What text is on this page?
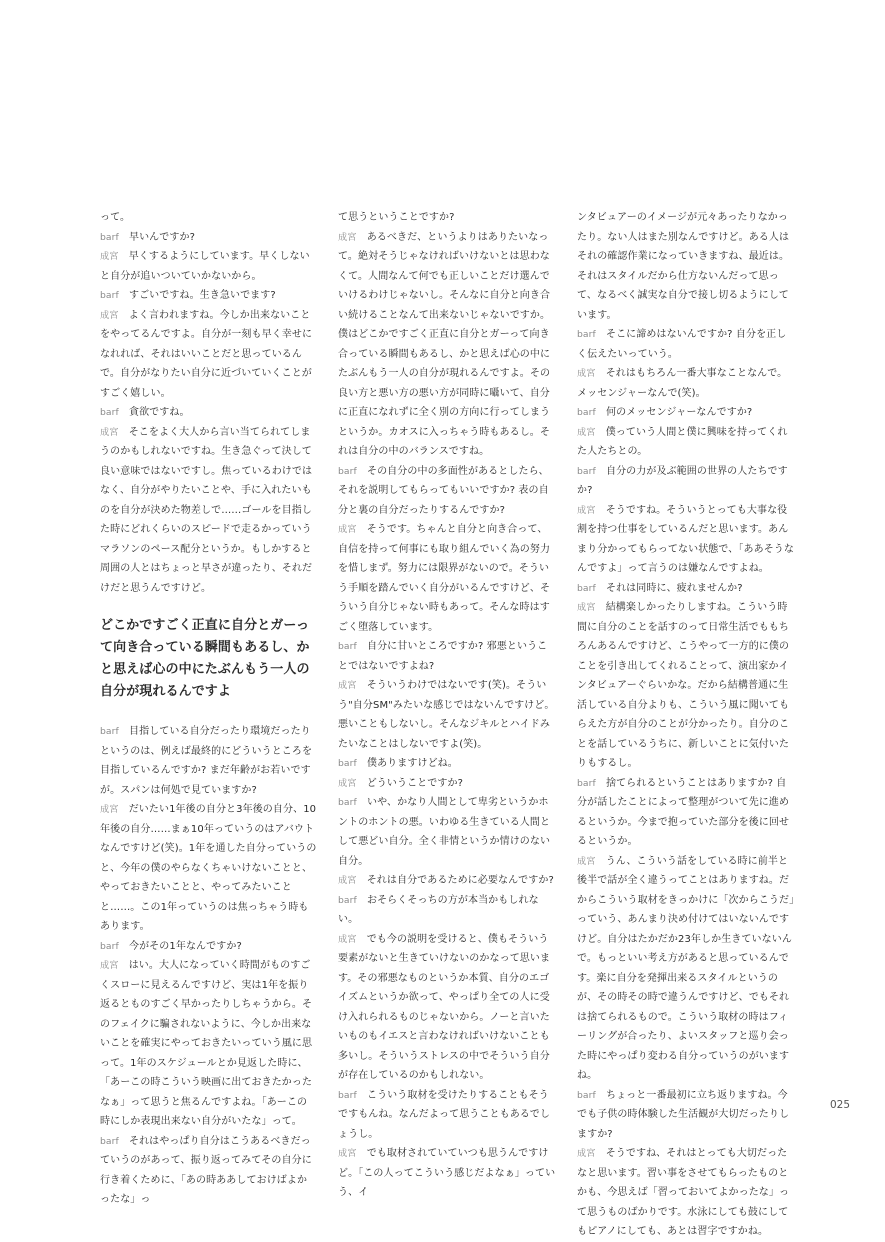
って。

barf　 早いんですか?

成宮　 早くするようにしています。早くしないと自分が追いついていかないから。

barf　 すごいですね。生き急いでます?

成宮　 よく言われますね。今しか出来ないことをやってるんですよ。自分が一刻も早く幸せになれれば、それはいいことだと思っているんで。自分がなりたい自分に近づいていくことがすごく嬉しい。

barf　 貪欲ですね。

成宮　 そこをよく大人から言い当てられてしまうのかもしれないですね。生き急ぐって決して良い意味ではないですし。焦っているわけではなく、自分がやりたいことや、手に入れたいものを自分が決めた物差しで……ゴールを目指した時にどれくらいのスピードで走るかっていうマラソンのペース配分というか。もしかすると周囲の人とはちょっと早さが違ったり、それだけだと思うんですけど。

どこかですごく正直に自分とガーって向き合っている瞬間もあるし、かと思えば心の中にたぶんもう一人の自分が現れるんですよ

barf　 目指している自分だったり環境だったりというのは、例えば最終的にどういうところを目指しているんですか? まだ年齢がお若いですが。スパンは何処で見ていますか?

成宮　 だいたい1年後の自分と3年後の自分、10年後の自分……まぁ10年っていうのはアバウトなんですけど(笑)。1年を通した自分っていうのと、今年の僕のやらなくちゃいけないことと、やっておきたいことと、やってみたいことと……。この1年っていうのは焦っちゃう時もあります。

barf　 今がその1年なんですか?

成宮　 はい。大人になっていく時間がものすごくスローに見えるんですけど、実は1年を振り返るとものすごく早かったりしちゃうから。そのフェイクに騙されないように、今しか出来ないことを確実にやっておきたいっていう風に思って。1年のスケジュールとか見返した時に、「あーこの時こういう映画に出ておきたかったなぁ」って思うと焦るんですよね。「あーこの時にしか表現出来ない自分がいたな」って。

barf　 それはやっぱり自分はこうあるべきだっていうのがあって、振り返ってみてその自分に行き着くために、「あの時ああしておけばよかったな」っ

て思うということですか?

成宮　 あるべきだ、というよりはありたいなって。絶対そうじゃなければいけないとは思わなくて。人間なんて何でも正しいことだけ選んでいけるわけじゃないし。そんなに自分と向き合い続けることなんて出来ないじゃないですか。僕はどこかですごく正直に自分とガーって向き合っている瞬間もあるし、かと思えば心の中にたぶんもう一人の自分が現れるんですよ。その良い方と悪い方の悪い方が同時に囁いて、自分に正直になれずに全く別の方向に行ってしまうというか。カオスに入っちゃう時もあるし。それは自分の中のバランスですね。

barf　 その自分の中の多面性があるとしたら、それを説明してもらってもいいですか? 表の自分と裏の自分だったりするんですか?

成宮　 そうです。ちゃんと自分と向き合って、自信を持って何事にも取り組んでいく為の努力を惜しまず。努力には限界がないので。そういう手順を踏んでいく自分がいるんですけど、そういう自分じゃない時もあって。そんな時はすごく堕落しています。

barf　 自分に甘いところですか? 邪悪ということではないですよね?

成宮　 そういうわけではないです(笑)。そういう"自分SM"みたいな感じではないんですけど。悪いこともしないし。そんなジキルとハイドみたいなことはしないですよ(笑)。

barf　 僕ありますけどね。

成宮　 どういうことですか?

barf　 いや、かなり人間として卑劣というかホントのホントの悪。いわゆる生きている人間として悪どい自分。全く非情というか情けのない自分。

成宮　 それは自分であるために必要なんですか?

barf　 おそらくそっちの方が本当かもしれない。

成宮　 でも今の説明を受けると、僕もそういう要素がないと生きていけないのかなって思います。その邪悪なものというか本質、自分のエゴイズムというか欲って、やっぱり全ての人に受け入れられるものじゃないから。ノーと言いたいものもイエスと言わなければいけないことも多いし。そういうストレスの中でそういう自分が存在しているのかもしれない。

barf　 こういう取材を受けたりすることもそうですもんね。なんだよって思うこともあるでしょうし。

成宮　 でも取材されていていつも思うんですけど。「この人ってこういう感じだよなぁ」っていう、イ

ンタビュアーのイメージが元々あったりなかったり。ない人はまた別なんですけど。ある人はそれの確認作業になっていきますね、最近は。それはスタイルだから仕方ないんだって思って、なるべく誠実な自分で接し切るようにしています。

barf　 そこに諦めはないんですか? 自分を正しく伝えたいっていう。

成宮　 それはもちろん一番大事なことなんで。メッセンジャーなんで(笑)。

barf　 何のメッセンジャーなんですか?

成宮　 僕っていう人間と僕に興味を持ってくれた人たちとの。

barf　 自分の力が及ぶ範囲の世界の人たちですか?

成宮　 そうですね。そういうとっても大事な役割を持つ仕事をしているんだと思います。あんまり分かってもらってない状態で、「ああそうなんですよ」って言うのは嫌なんですよね。

barf　 それは同時に、疲れませんか?

成宮　 結構楽しかったりしますね。こういう時間に自分のことを話すのって日常生活でももちろんあるんですけど、こうやって一方的に僕のことを引き出してくれることって、演出家かインタビュアーぐらいかな。だから結構普通に生活している自分よりも、こういう風に聞いてもらえた方が自分のことが分かったり。自分のことを話しているうちに、新しいことに気付いたりもするし。

barf　 捨てられるということはありますか? 自分が話したことによって整理がついて先に進めるというか。今まで抱っていた部分を後に回せるというか。

成宮　 うん、こういう話をしている時に前半と後半で話が全く違うってことはありますね。だからこういう取材をきっかけに「次からこうだ」っていう、あんまり決め付けてはいないんですけど。自分はたかだか23年しか生きていないんで。もっといい考え方があると思っているんです。楽に自分を発揮出来るスタイルというのが、その時その時で違うんですけど、でもそれは捨てられるもので。こういう取材の時はフィーリングが合ったり、よいスタッフと巡り会った時にやっぱり変わる自分っていうのがいますね。

barf　 ちょっと一番最初に立ち返りますね。今でも子供の時体験した生活観が大切だったりしますか?

成宮　 そうですね、それはとっても大切だったなと思います。習い事をさせてもらったものとかも、今思えば「習っておいてよかったな」って思うものばかりです。水泳にしても鼓にしてもピアノにしても、あとは習字ですかね。

025
